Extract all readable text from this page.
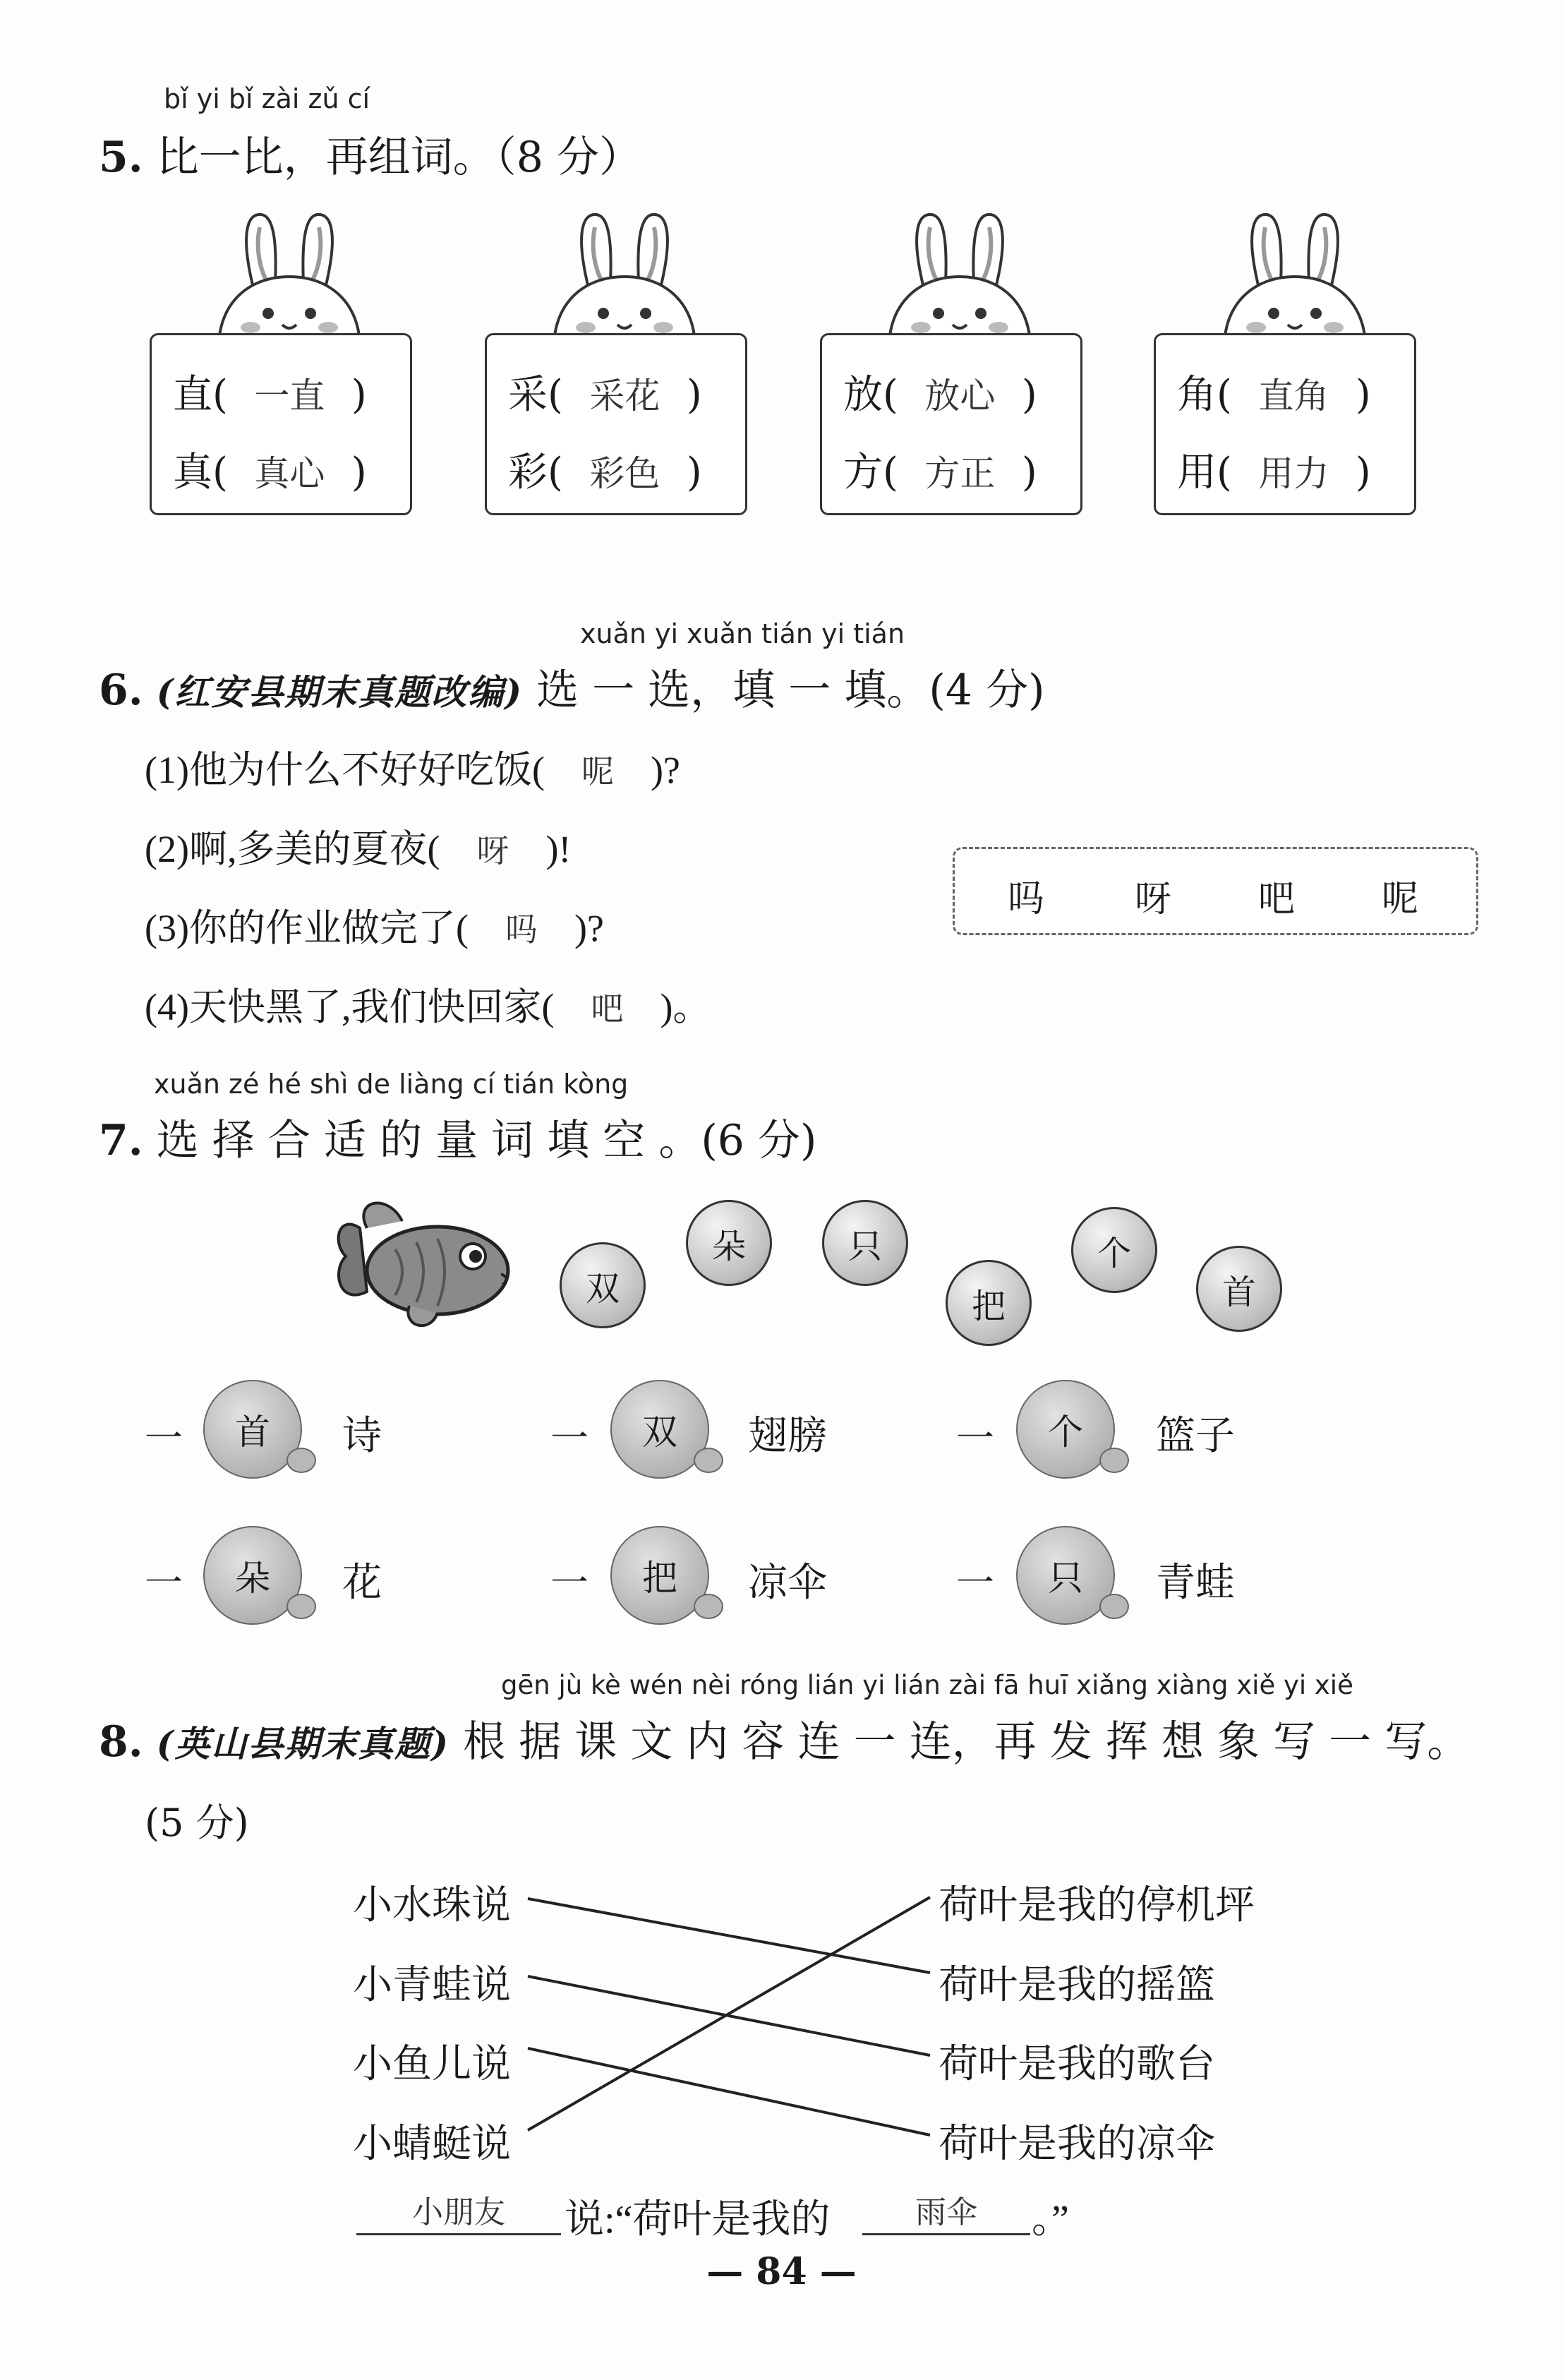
bǐ yi bǐ zài zǔ cí
5. 比一比，再组词。（8 分）
直( 一直 )
真( 真心 )
采( 采花 )
彩( 彩色 )
放( 放心 )
方( 方正 )
角( 直角 )
用( 用力 )
xuǎn yi xuǎn tián yi tián
6. (红安县期末真题改编) 选 一 选，填 一 填。(4 分)
(1)他为什么不好好吃饭( 呢 )?
(2)啊,多美的夏夜( 呀 )!
(3)你的作业做完了( 吗 )?
(4)天快黑了,我们快回家( 吧 )。
吗 呀 吧 呢
xuǎn zé hé shì de liàng cí tián kòng
7. 选 择 合 适 的 量 词 填 空 。(6 分)
双
朵	只
把
个
首
一	首	诗	一	双	翅膀	一	个	篮子
一	朵	花	一	把	凉伞	一	只	青蛙
gēn jù kè wén nèi róng lián yi lián zài fā huī xiǎng xiàng xiě yi xiě
8. (英山县期末真题) 根 据 课 文 内 容 连 一 连，再 发 挥 想 象 写 一 写。
(5 分)
小水珠说
小青蛙说
小鱼儿说
小蜻蜓说
荷叶是我的停机坪
荷叶是我的摇篮
荷叶是我的歌台
荷叶是我的凉伞
小朋友	说:“荷叶是我的	雨伞	。”
— 84 —
